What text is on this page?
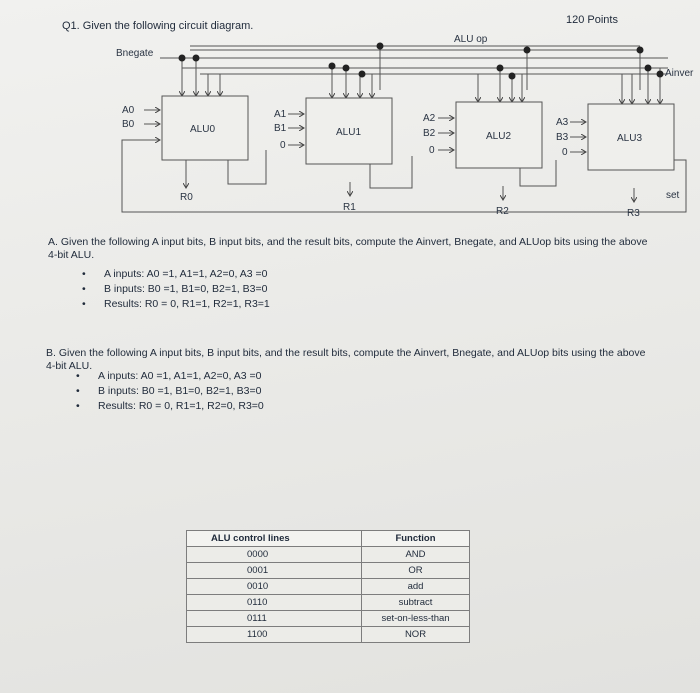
Q1. Given the following circuit diagram.	120 Points
Bnegate
ALU op
Ainver
set
A0
B0	ALU0
R0
A1
B1
0
ALU1
R1
A2
B2
0
ALU2
R2
A3
B3
0
ALU3
R3
A. Given the following A input bits, B input bits, and the result bits, compute the Ainvert, Bnegate, and ALUop bits using the above 4-bit ALU.
• A inputs: A0 =1, A1=1, A2=0, A3 =0
• B inputs: B0 =1, B1=0, B2=1, B3=0
• Results: R0 = 0, R1=1, R2=1, R3=1
B. Given the following A input bits, B input bits, and the result bits, compute the Ainvert, Bnegate, and ALUop bits using the above 4-bit ALU.
• A inputs: A0 =1, A1=1, A2=0, A3 =0
• B inputs: B0 =1, B1=0, B2=1, B3=0
• Results: R0 = 0, R1=1, R2=0, R3=0
ALU control lines	Function
0000	AND
0001	OR
0010	add
0110	subtract
0111	set-on-less-than
1100	NOR
